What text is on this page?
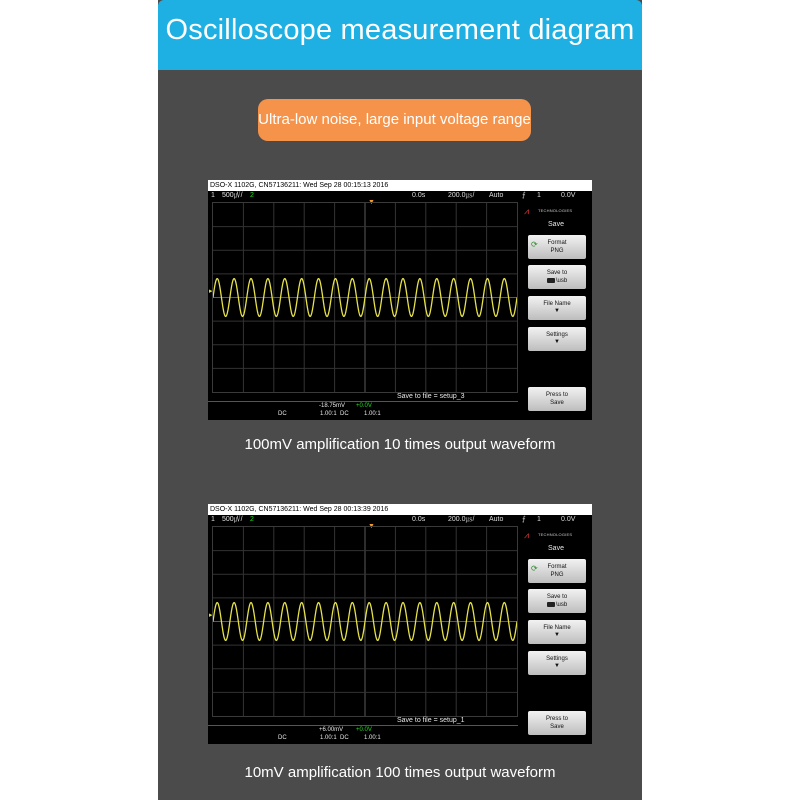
Oscilloscope measurement diagram
Ultra-low noise, large input voltage range
DSO-X 1102G, CN57136211: Wed Sep 28 00:15:13 2016
1 500㎶/ 2	0.0s	200.0㎲/ Auto	⨍ 1	0.0V
▼
▸
⩘ TECHNOLOGIES
Save
⟳ Format
PNG
Save to
\usb
File Name
▼
Settings
▼
Press to
Save
Save to file = setup_3
-18.75mV +0.0V
DC	1.00:1 DC	1.00:1
100mV amplification 10 times output waveform
DSO-X 1102G, CN57136211: Wed Sep 28 00:13:39 2016
1 500㎶/ 2	0.0s	200.0㎲/ Auto	⨍ 1	0.0V
▼
▸
⩘ TECHNOLOGIES
Save
⟳ Format
PNG
Save to
\usb
File Name
▼
Settings
▼
Press to
Save
Save to file = setup_1
+6.00mV +0.0V
DC	1.00:1 DC	1.00:1
10mV amplification 100 times output waveform
